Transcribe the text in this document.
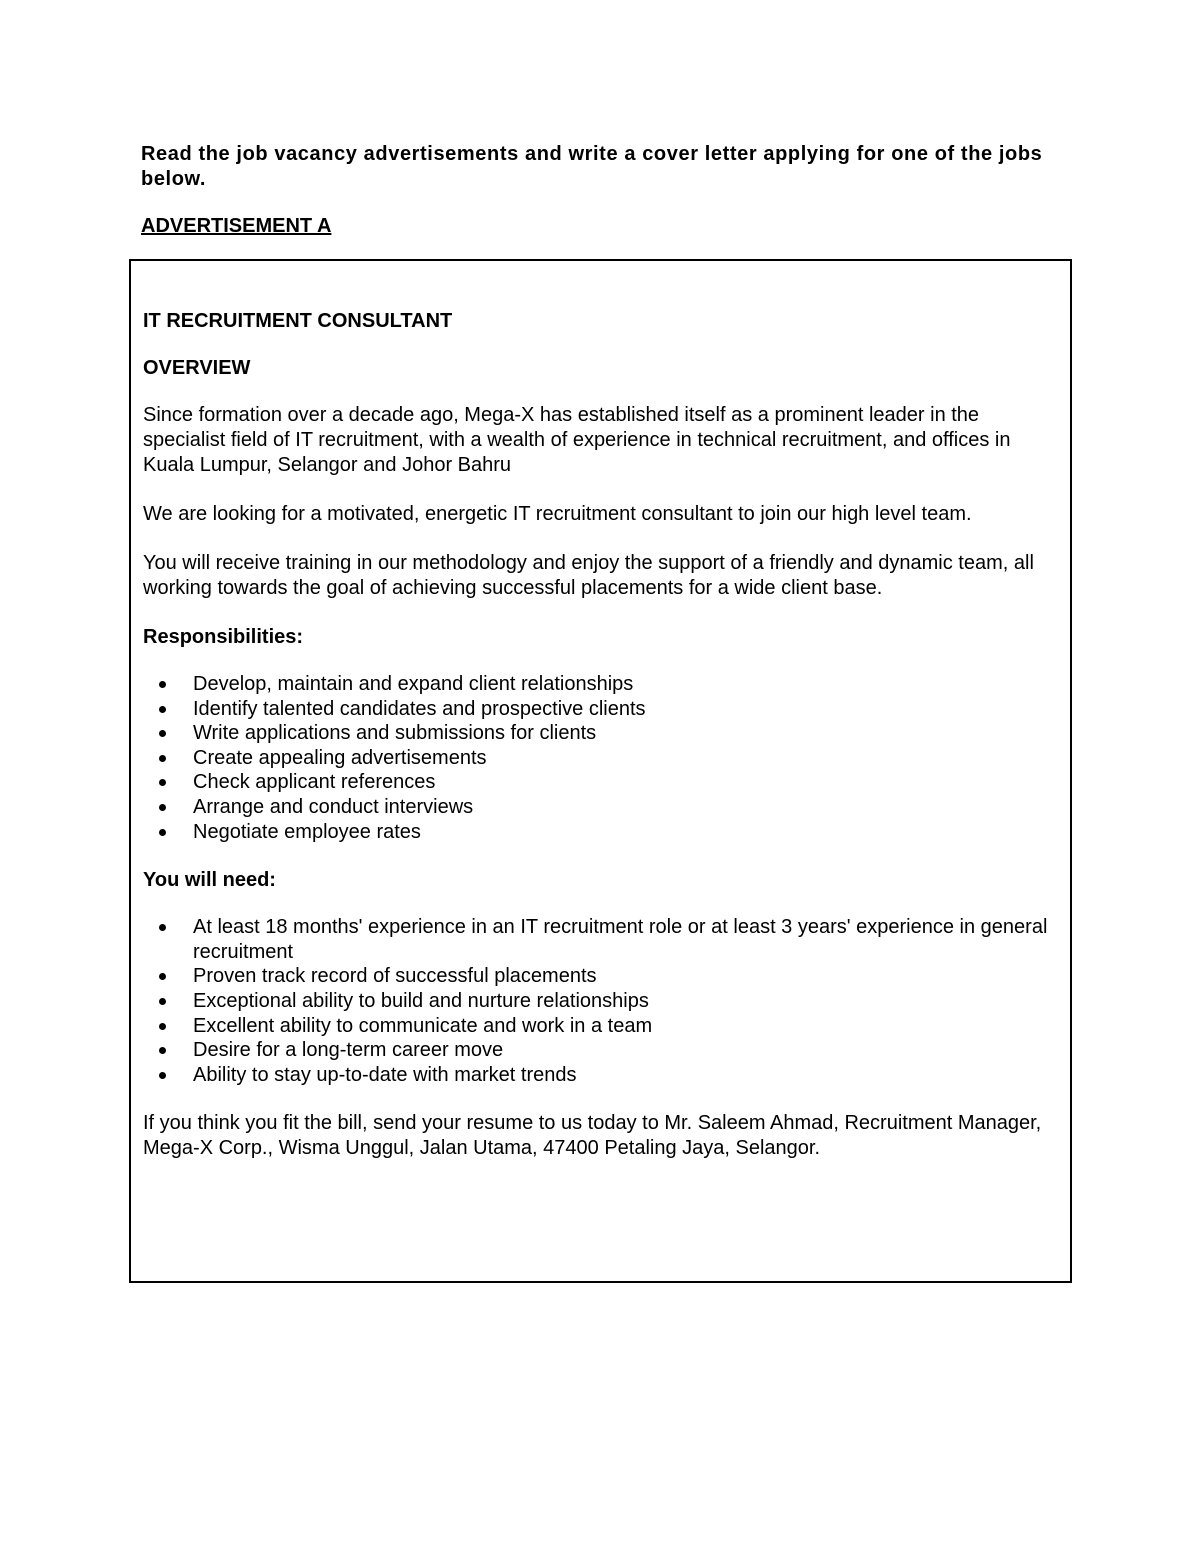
Read the job vacancy advertisements and write a cover letter applying for one of the jobs below.

ADVERTISEMENT A

IT RECRUITMENT CONSULTANT

OVERVIEW

Since formation over a decade ago, Mega-X has established itself as a prominent leader in the specialist field of IT recruitment, with a wealth of experience in technical recruitment, and offices in Kuala Lumpur, Selangor and Johor Bahru

We are looking for a motivated, energetic IT recruitment consultant to join our high level team.

You will receive training in our methodology and enjoy the support of a friendly and dynamic team, all working towards the goal of achieving successful placements for a wide client base.

Responsibilities:

Develop, maintain and expand client relationships
Identify talented candidates and prospective clients
Write applications and submissions for clients
Create appealing advertisements
Check applicant references
Arrange and conduct interviews
Negotiate employee rates

You will need:

At least 18 months' experience in an IT recruitment role or at least 3 years' experience in general recruitment
Proven track record of successful placements
Exceptional ability to build and nurture relationships
Excellent ability to communicate and work in a team
Desire for a long-term career move
Ability to stay up-to-date with market trends

If you think you fit the bill, send your resume to us today to Mr. Saleem Ahmad, Recruitment Manager, Mega-X Corp., Wisma Unggul, Jalan Utama, 47400 Petaling Jaya, Selangor.
